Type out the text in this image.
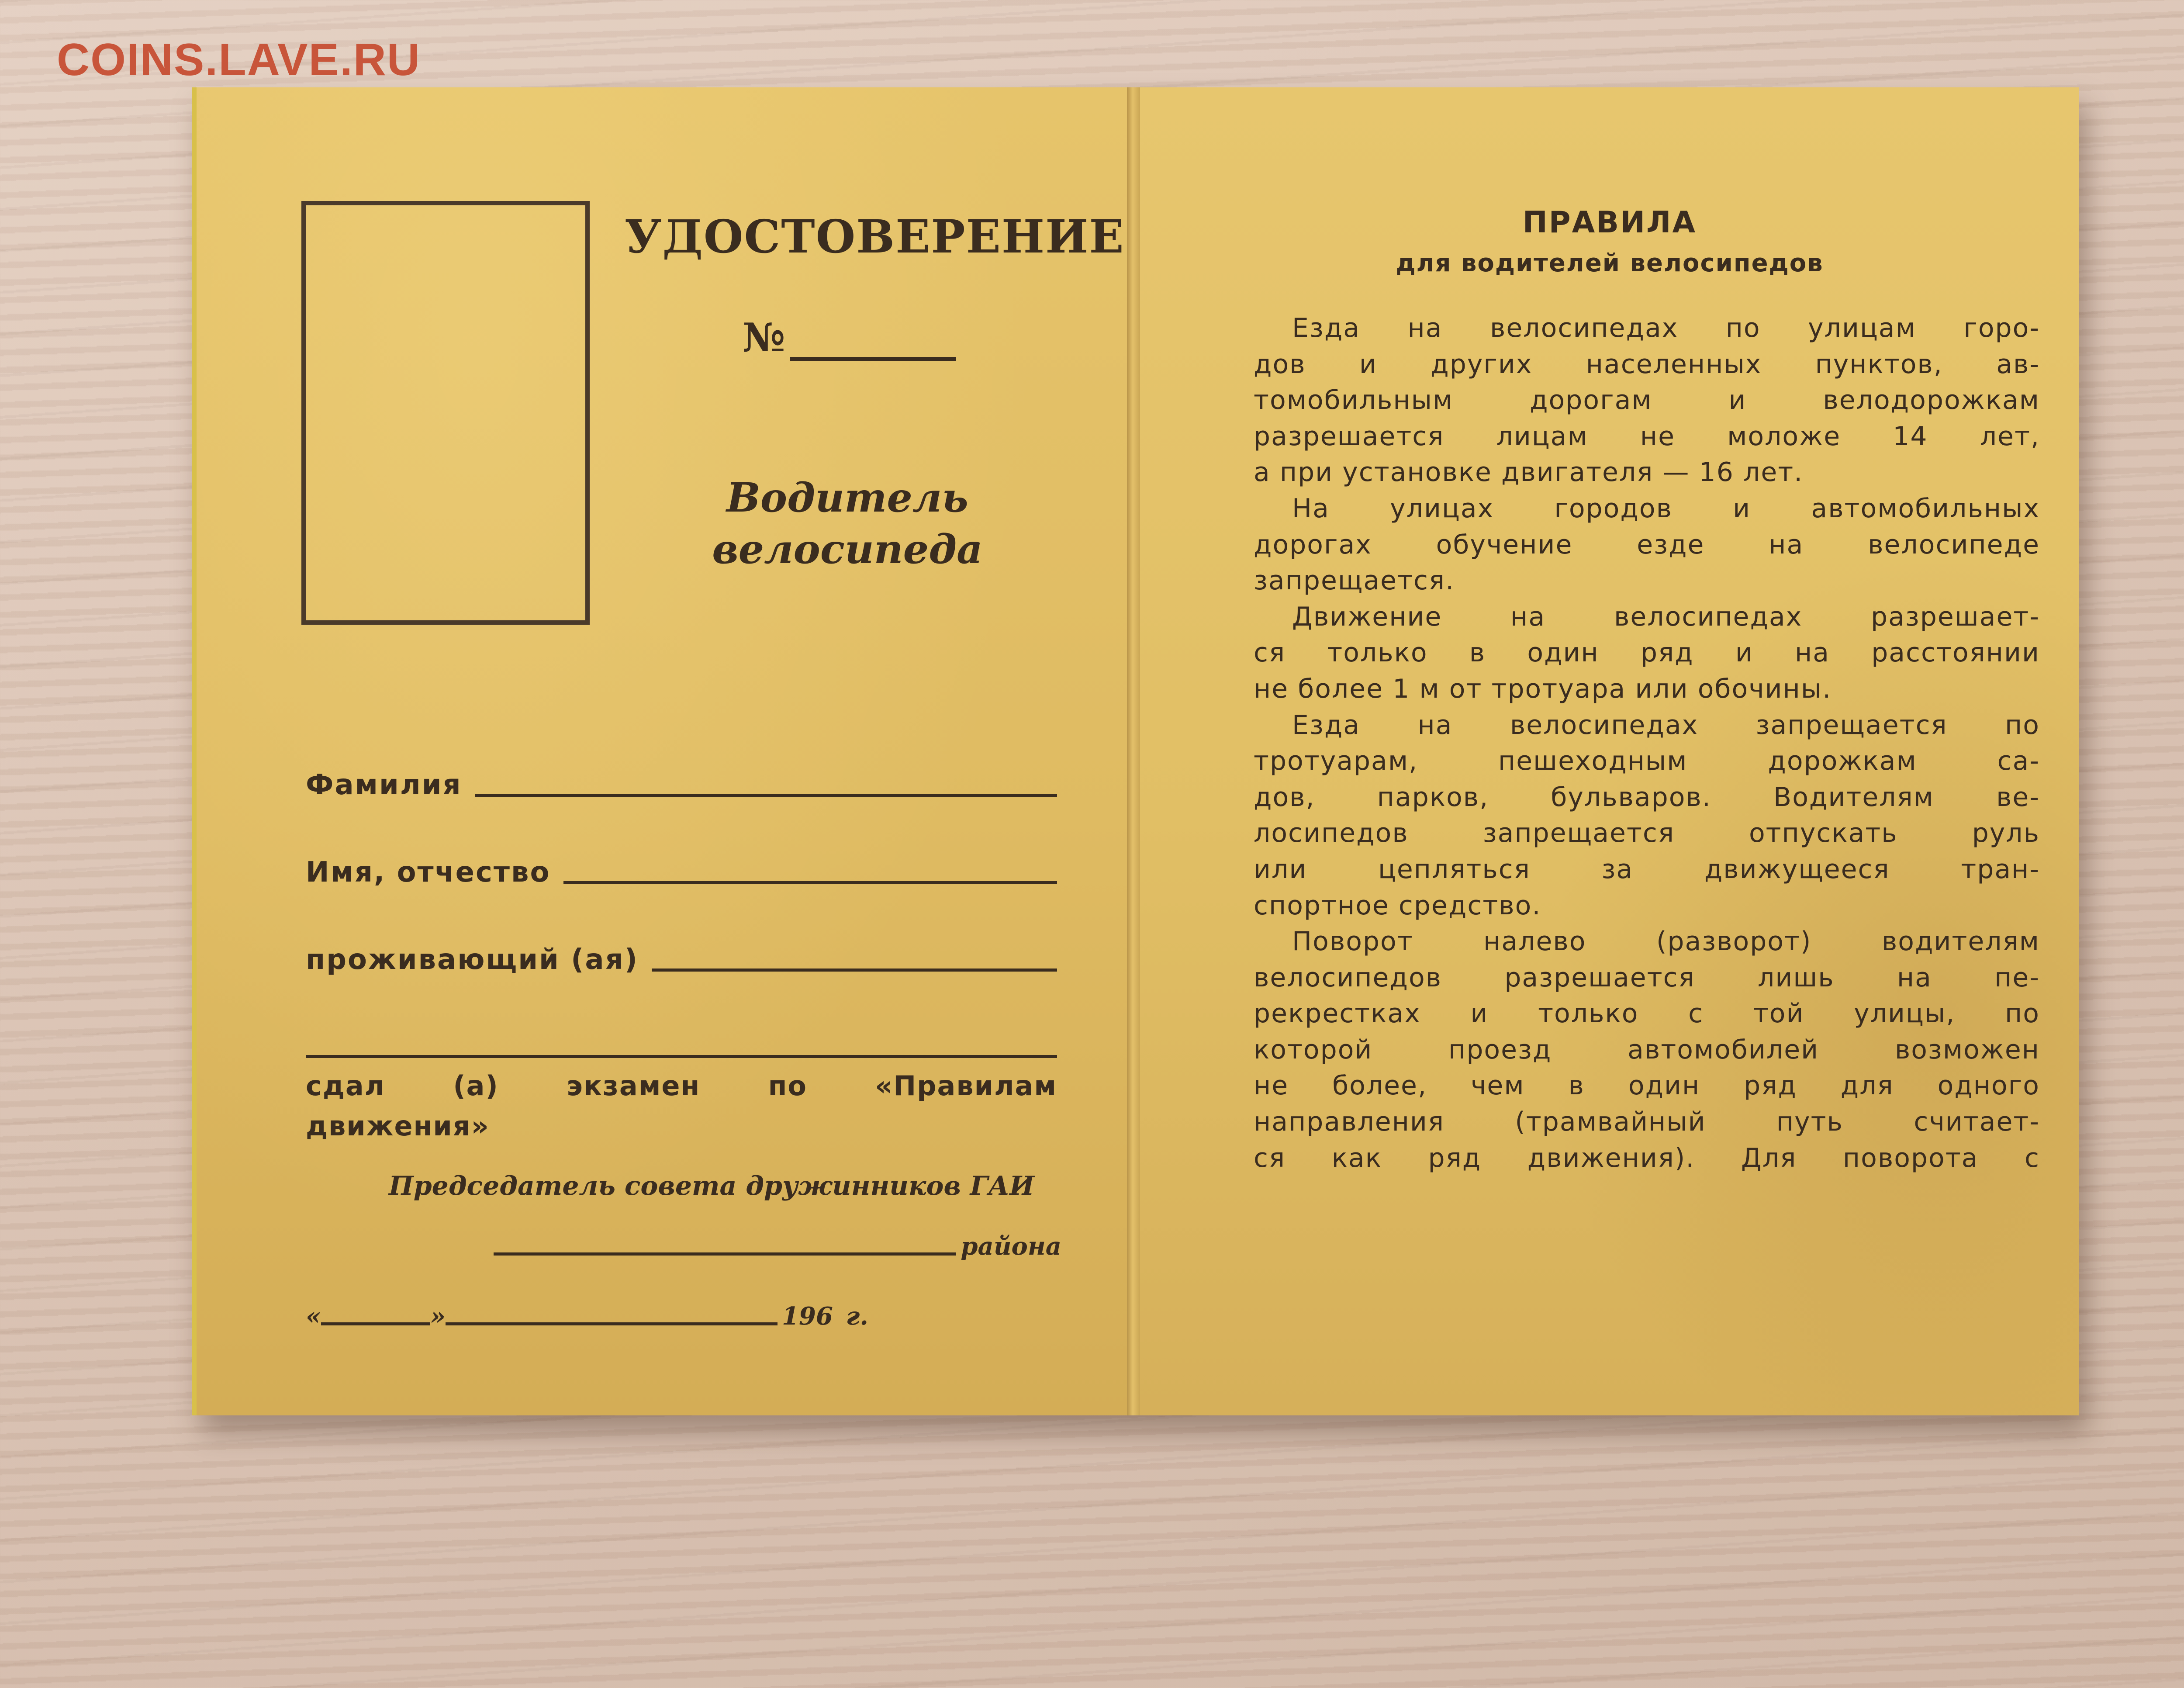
COINS.LAVE.RU
УДОСТОВЕРЕНИЕ
№
Водитель
велосипеда
Фамилия
Имя, отчество
проживающий (ая)
сдал	(а)	экзамен	по	«Правилам
движения»
Председатель совета дружинников ГАИ
района
«	»	196 г.
ПРАВИЛА
для водителей велосипедов

Езда на велосипедах по улицам горо-
дов и других населенных пунктов, ав-
томобильным дорогам и велодорожкам
разрешается лицам не моложе 14 лет,
а при установке двигателя — 16 лет.

На улицах городов и автомобильных
дорогах обучение езде на велосипеде
запрещается.

Движение на велосипедах разрешает-
ся только в один ряд и на расстоянии
не более 1 м от тротуара или обочины.

Езда на велосипедах запрещается по
тротуарам, пешеходным дорожкам са-
дов, парков, бульваров. Водителям ве-
лосипедов запрещается отпускать руль
или цепляться за движущееся тран-
спортное средство.

Поворот налево (разворот) водителям
велосипедов разрешается лишь на пе-
рекрестках и только с той улицы, по
которой проезд автомобилей возможен
не более, чем в один ряд для одного
направления (трамвайный путь считает-
ся как ряд движения). Для поворота с
